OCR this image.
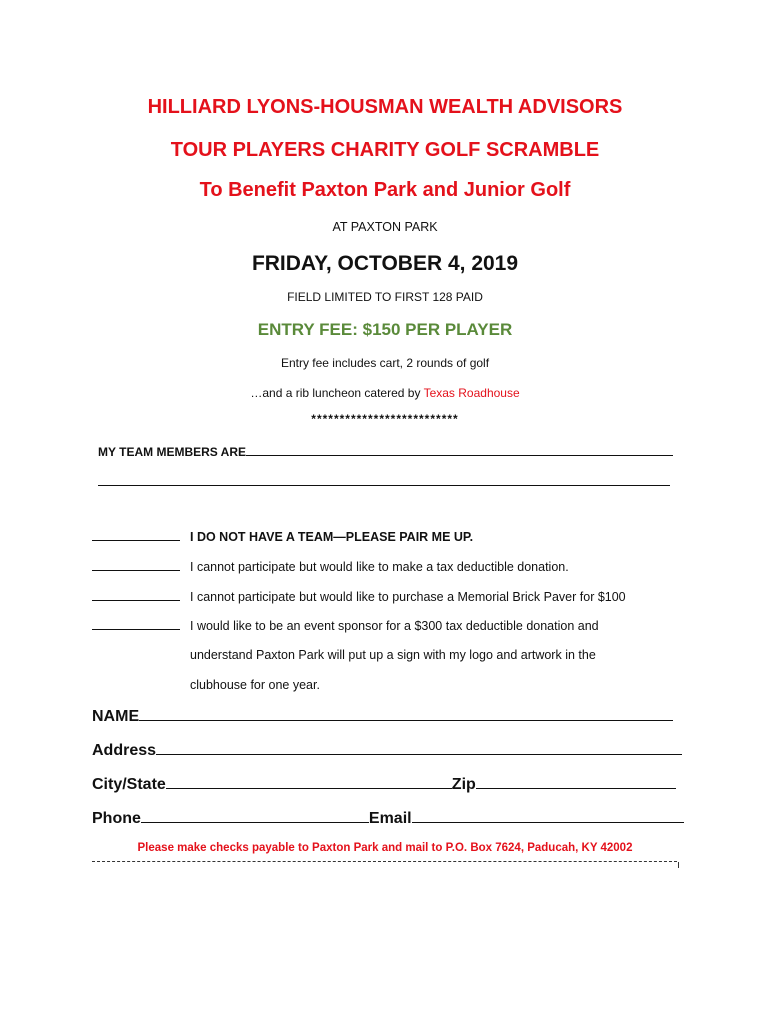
HILLIARD LYONS-HOUSMAN WEALTH ADVISORS
TOUR PLAYERS CHARITY GOLF SCRAMBLE
To Benefit Paxton Park and Junior Golf
AT PAXTON PARK
FRIDAY, OCTOBER 4, 2019
FIELD LIMITED TO FIRST 128 PAID
ENTRY FEE: $150 PER PLAYER
Entry fee includes cart, 2 rounds of golf
…and a rib luncheon catered by Texas Roadhouse
**************************
MY TEAM MEMBERS ARE
I DO NOT HAVE A TEAM—PLEASE PAIR ME UP.
I cannot participate but would like to make a tax deductible donation.
I cannot participate but would like to purchase a Memorial Brick Paver for $100
I would like to be an event sponsor for a $300 tax deductible donation and
understand Paxton Park will put up a sign with my logo and artwork in the
clubhouse for one year.
NAME
Address
City/State	Zip
Phone	Email
Please make checks payable to Paxton Park and mail to P.O. Box 7624, Paducah, KY 42002
